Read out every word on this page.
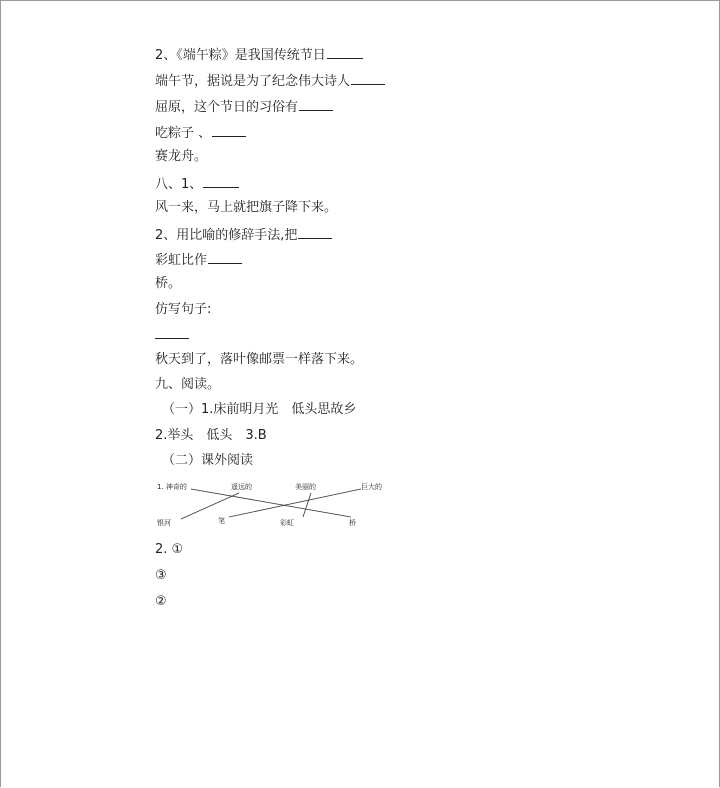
2、《端午粽》是我国传统节日
端午节，据说是为了纪念伟大诗人
屈原，这个节日的习俗有
吃粽子 、
赛龙舟。
八、1、
风一来，马上就把旗子降下来。
2、用比喻的修辞手法,把
彩虹比作
桥。
仿写句子:
秋天到了，落叶像邮票一样落下来。
九、阅读。
（一）1.床前明月光　低头思故乡
2.举头　低头　3.B
（二）课外阅读
1. 神奇的	遥远的	美丽的	巨大的
银河	笔	彩虹	桥
2. ①
③
②
